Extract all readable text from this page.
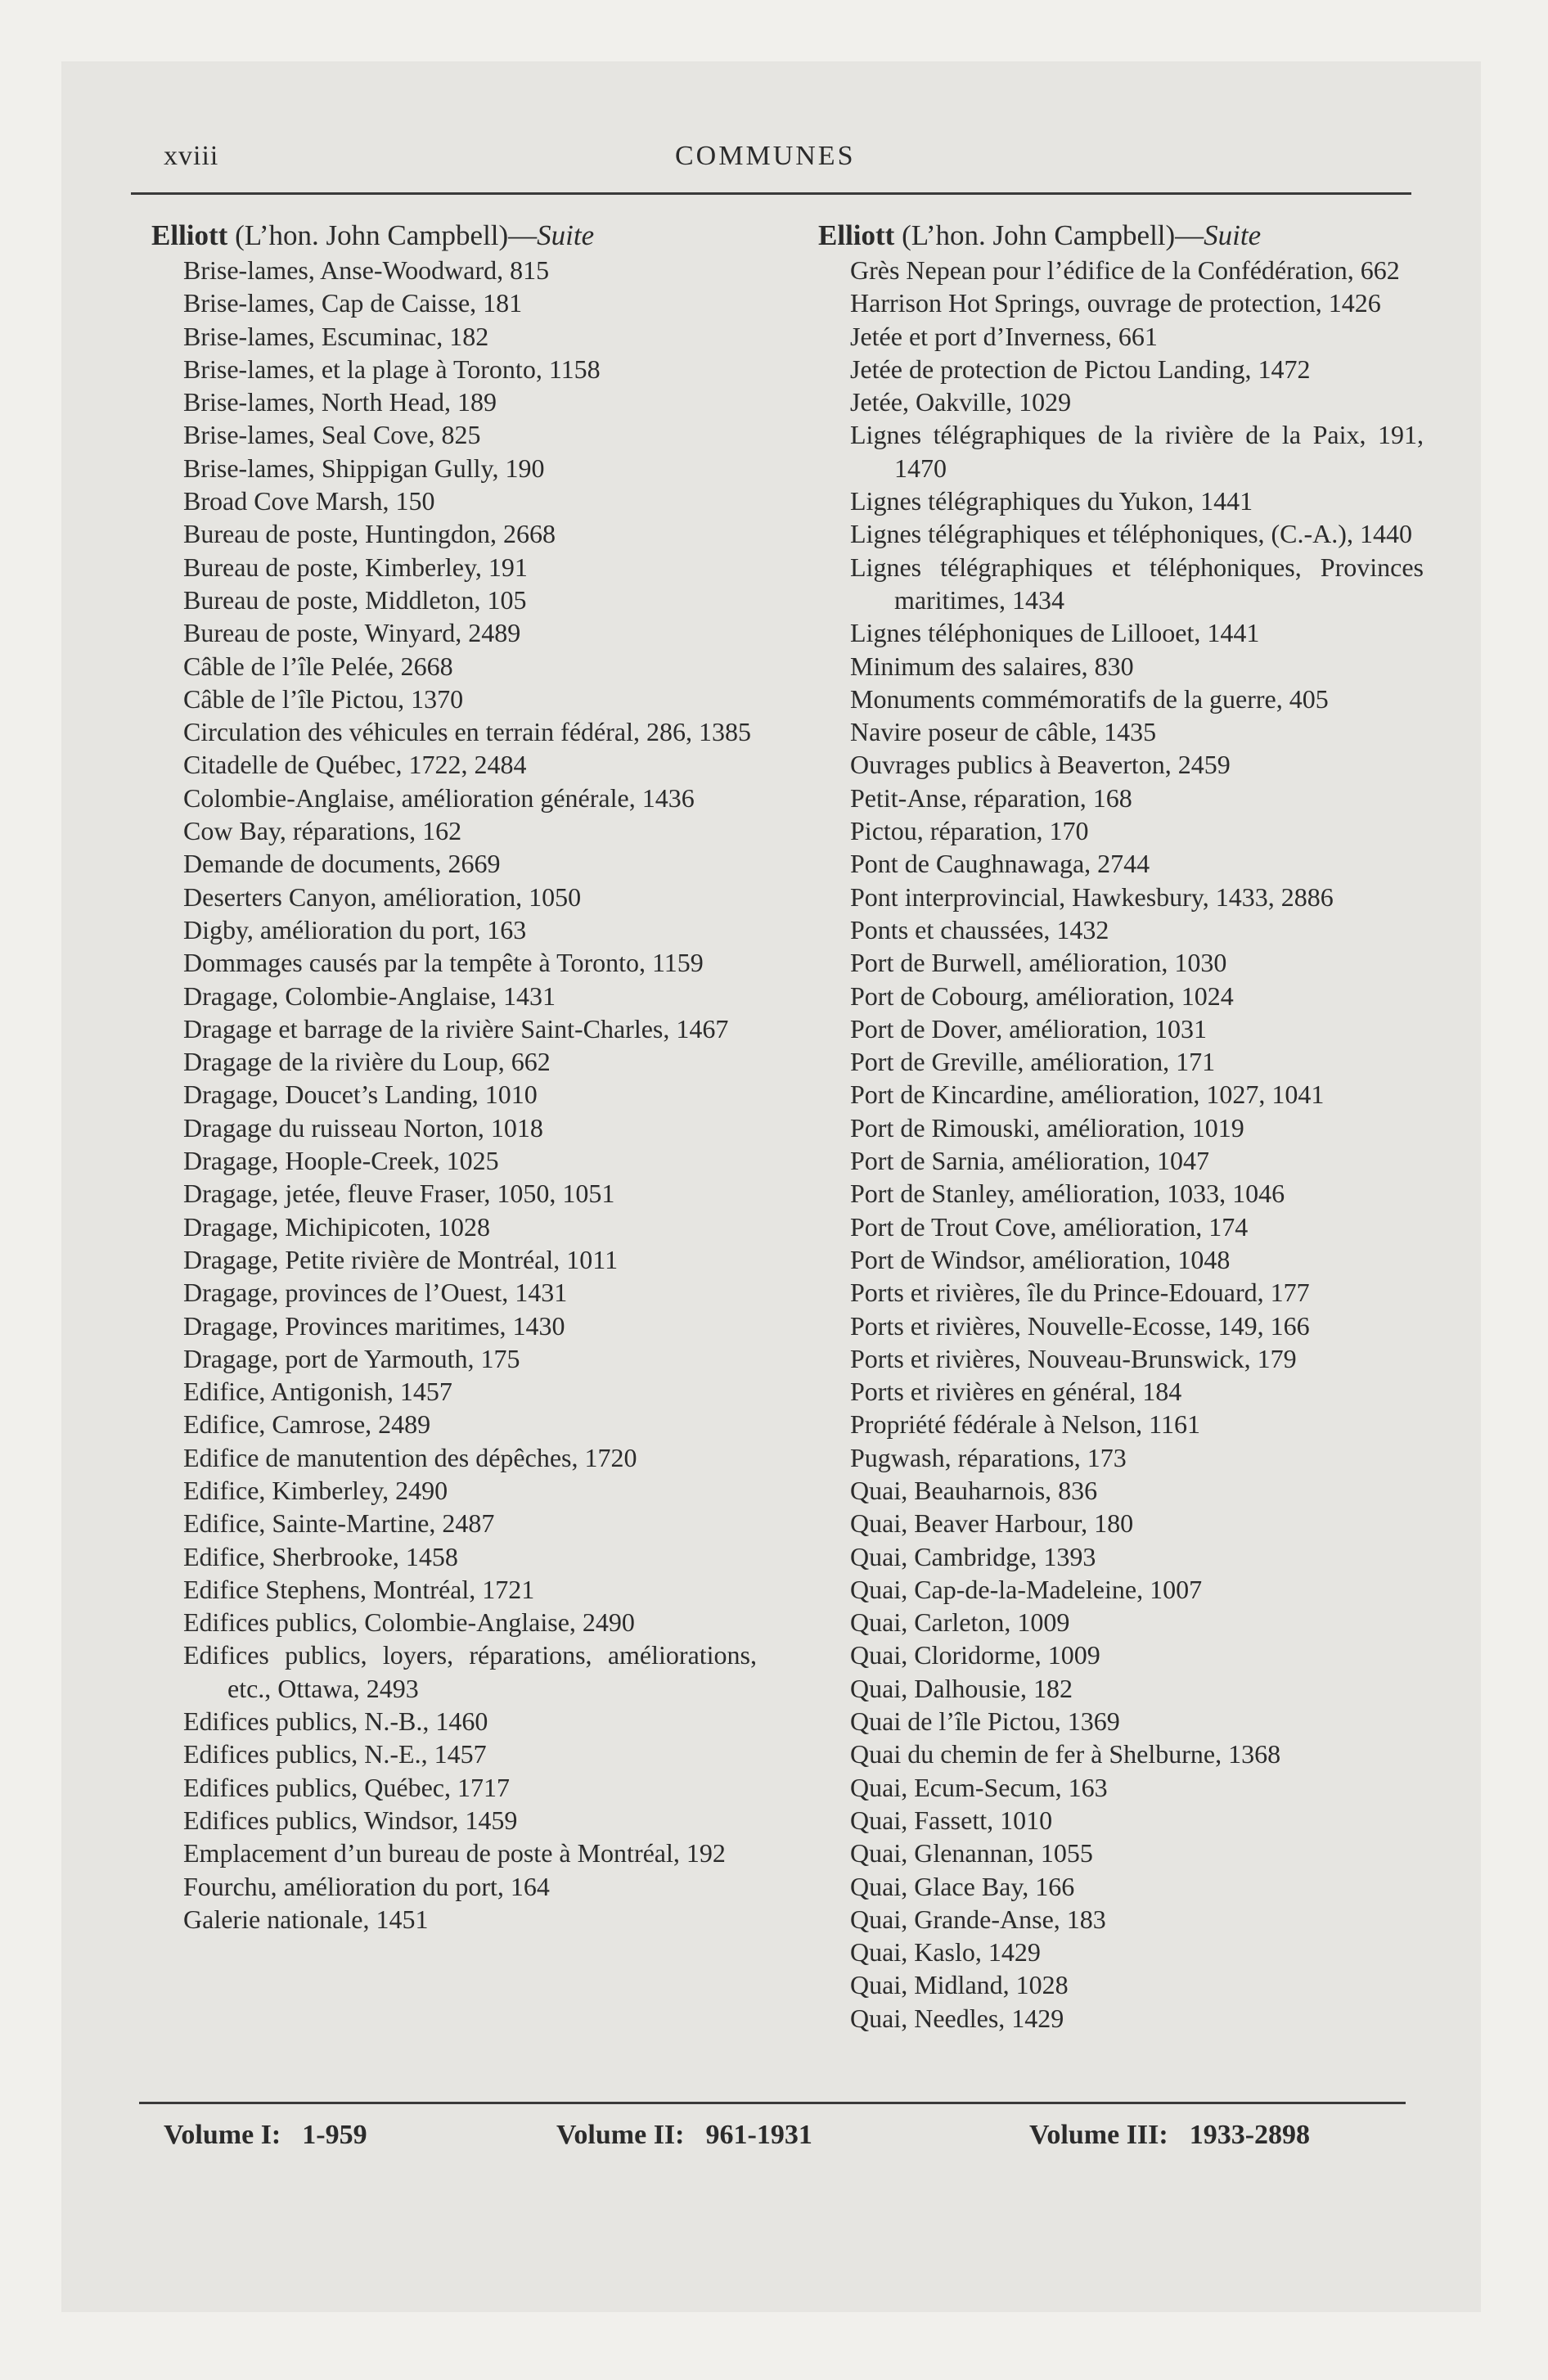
xviii	COMMUNES
Elliott (L’hon. John Campbell)—Suite
Brise-lames, Anse-Woodward, 815
Brise-lames, Cap de Caisse, 181
Brise-lames, Escuminac, 182
Brise-lames, et la plage à Toronto, 1158
Brise-lames, North Head, 189
Brise-lames, Seal Cove, 825
Brise-lames, Shippigan Gully, 190
Broad Cove Marsh, 150
Bureau de poste, Huntingdon, 2668
Bureau de poste, Kimberley, 191
Bureau de poste, Middleton, 105
Bureau de poste, Winyard, 2489
Câble de l’île Pelée, 2668
Câble de l’île Pictou, 1370
Circulation des véhicules en terrain fédéral, 286, 1385
Citadelle de Québec, 1722, 2484
Colombie-Anglaise, amélioration générale, 1436
Cow Bay, réparations, 162
Demande de documents, 2669
Deserters Canyon, amélioration, 1050
Digby, amélioration du port, 163
Dommages causés par la tempête à Toronto, 1159
Dragage, Colombie-Anglaise, 1431
Dragage et barrage de la rivière Saint-Charles, 1467
Dragage de la rivière du Loup, 662
Dragage, Doucet’s Landing, 1010
Dragage du ruisseau Norton, 1018
Dragage, Hoople-Creek, 1025
Dragage, jetée, fleuve Fraser, 1050, 1051
Dragage, Michipicoten, 1028
Dragage, Petite rivière de Montréal, 1011
Dragage, provinces de l’Ouest, 1431
Dragage, Provinces maritimes, 1430
Dragage, port de Yarmouth, 175
Edifice, Antigonish, 1457
Edifice, Camrose, 2489
Edifice de manutention des dépêches, 1720
Edifice, Kimberley, 2490
Edifice, Sainte-Martine, 2487
Edifice, Sherbrooke, 1458
Edifice Stephens, Montréal, 1721
Edifices publics, Colombie-Anglaise, 2490
Edifices publics, loyers, réparations, améliorations, etc., Ottawa, 2493
Edifices publics, N.-B., 1460
Edifices publics, N.-E., 1457
Edifices publics, Québec, 1717
Edifices publics, Windsor, 1459
Emplacement d’un bureau de poste à Montréal, 192
Fourchu, amélioration du port, 164
Galerie nationale, 1451
Elliott (L’hon. John Campbell)—Suite
Grès Nepean pour l’édifice de la Confédération, 662
Harrison Hot Springs, ouvrage de protection, 1426
Jetée et port d’Inverness, 661
Jetée de protection de Pictou Landing, 1472
Jetée, Oakville, 1029
Lignes télégraphiques de la rivière de la Paix, 191, 1470
Lignes télégraphiques du Yukon, 1441
Lignes télégraphiques et téléphoniques, (C.-A.), 1440
Lignes télégraphiques et téléphoniques, Provinces maritimes, 1434
Lignes téléphoniques de Lillooet, 1441
Minimum des salaires, 830
Monuments commémoratifs de la guerre, 405
Navire poseur de câble, 1435
Ouvrages publics à Beaverton, 2459
Petit-Anse, réparation, 168
Pictou, réparation, 170
Pont de Caughnawaga, 2744
Pont interprovincial, Hawkesbury, 1433, 2886
Ponts et chaussées, 1432
Port de Burwell, amélioration, 1030
Port de Cobourg, amélioration, 1024
Port de Dover, amélioration, 1031
Port de Greville, amélioration, 171
Port de Kincardine, amélioration, 1027, 1041
Port de Rimouski, amélioration, 1019
Port de Sarnia, amélioration, 1047
Port de Stanley, amélioration, 1033, 1046
Port de Trout Cove, amélioration, 174
Port de Windsor, amélioration, 1048
Ports et rivières, île du Prince-Edouard, 177
Ports et rivières, Nouvelle-Ecosse, 149, 166
Ports et rivières, Nouveau-Brunswick, 179
Ports et rivières en général, 184
Propriété fédérale à Nelson, 1161
Pugwash, réparations, 173
Quai, Beauharnois, 836
Quai, Beaver Harbour, 180
Quai, Cambridge, 1393
Quai, Cap-de-la-Madeleine, 1007
Quai, Carleton, 1009
Quai, Cloridorme, 1009
Quai, Dalhousie, 182
Quai de l’île Pictou, 1369
Quai du chemin de fer à Shelburne, 1368
Quai, Ecum-Secum, 163
Quai, Fassett, 1010
Quai, Glenannan, 1055
Quai, Glace Bay, 166
Quai, Grande-Anse, 183
Quai, Kaslo, 1429
Quai, Midland, 1028
Quai, Needles, 1429
Volume I: 1-959	Volume II: 961-1931	Volume III: 1933-2898
